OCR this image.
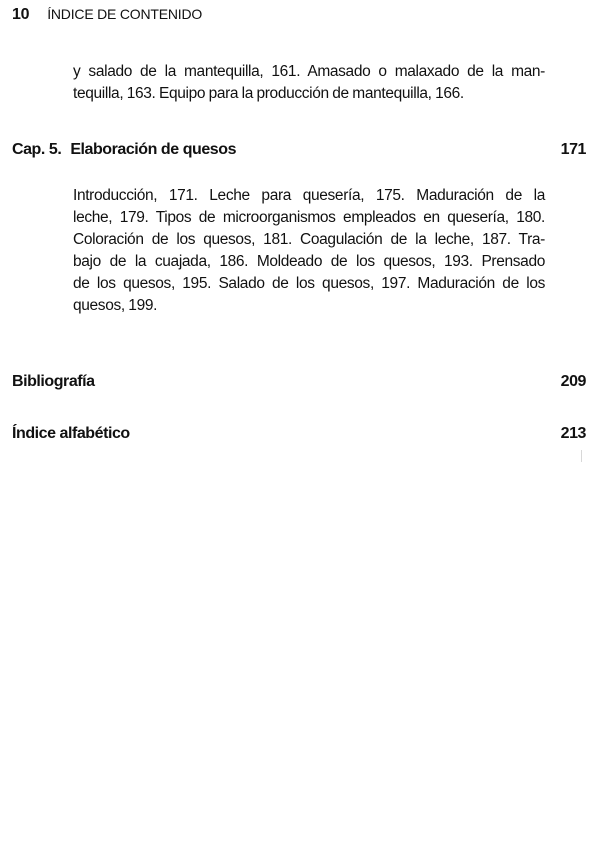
10 ÍNDICE DE CONTENIDO
y salado de la mantequilla, 161. Amasado o malaxado de la man-
tequilla, 163. Equipo para la producción de mantequilla, 166.
Cap. 5. Elaboración de quesos	171
Introducción, 171. Leche para quesería, 175. Maduración de la
leche, 179. Tipos de microorganismos empleados en quesería, 180.
Coloración de los quesos, 181. Coagulación de la leche, 187. Tra-
bajo de la cuajada, 186. Moldeado de los quesos, 193. Prensado
de los quesos, 195. Salado de los quesos, 197. Maduración de los
quesos, 199.
Bibliografía	209
Índice alfabético	213
